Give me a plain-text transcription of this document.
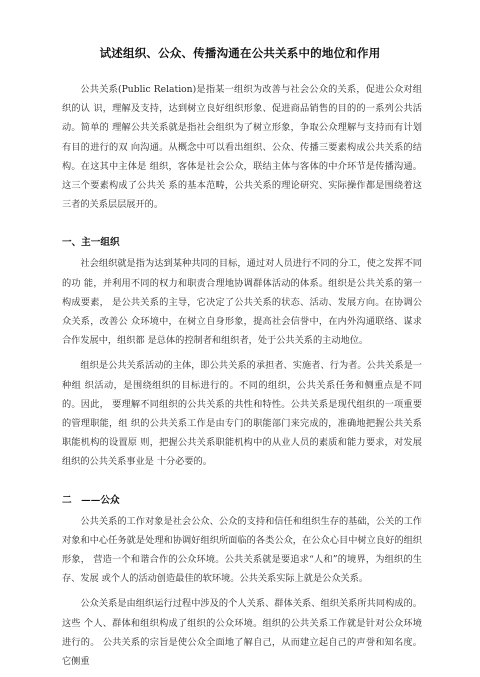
试述组织、公众、传播沟通在公共关系中的地位和作用

公共关系(Public Relation)是指某一组织为改善与社会公众的关系，促进公众对组织的认 识，理解及支持，达到树立良好组织形象、促进商品销售的目的的一系列公共活动。简单的 理解公共关系就是指社会组织为了树立形象，争取公众理解与支持而有计划有目的进行的双 向沟通。从概念中可以看出组织、公众、传播三要素构成公共关系的结构。在这其中主体是 组织，客体是社会公众，联结主体与客体的中介环节是传播沟通。这三个要素构成了公共关 系的基本范畴，公共关系的理论研究、实际操作都是围绕着这三者的关系层层展开的。

一、主一组织

社会组织就是指为达到某种共同的目标，通过对人员进行不同的分工，使之发挥不同的功 能，并利用不同的权力和职责合理地协调群体活动的体系。组织是公共关系的第一构成要素， 是公共关系的主导，它决定了公共关系的状态、活动、发展方向。在协调公众关系，改善公 众环境中，在树立自身形象，提高社会信誉中，在内外沟通联络、谋求合作发展中，组织都 是总体的控制者和组织者，处于公共关系的主动地位。

组织是公共关系活动的主体，即公共关系的承担者、实施者、行为者。公共关系是一种组 织活动，是围绕组织的目标进行的。不同的组织，公共关系任务和侧重点是不同的。因此， 要理解不同组织的公共关系的共性和特性。公共关系是现代组织的一项重要的管理职能，组 织的公共关系工作是由专门的职能部门来完成的，准确地把握公共关系职能机构的设置原 则，把握公共关系职能机构中的从业人员的素质和能力要求，对发展组织的公共关系事业是 十分必要的。

二　——公众

公共关系的工作对象是社会公众、公众的支持和信任和组织生存的基础，公关的工作对象和中心任务就是处理和协调好组织所面临的各类公众，在公众心目中树立良好的组织形象， 营造一个和谐合作的公众环境。公共关系就是要追求“人和”的境界，为组织的生存、发展 或个人的活动创造最佳的软环境。公共关系实际上就是公众关系。

公众关系是由组织运行过程中涉及的个人关系、群体关系、组织关系所共同构成的。这些 个人、群体和组织构成了组织的公众环境。组织的公共关系工作就是针对公众环境进行的。 公共关系的宗旨是使公众全面地了解自己，从而建立起自己的声誉和知名度。它侧重
